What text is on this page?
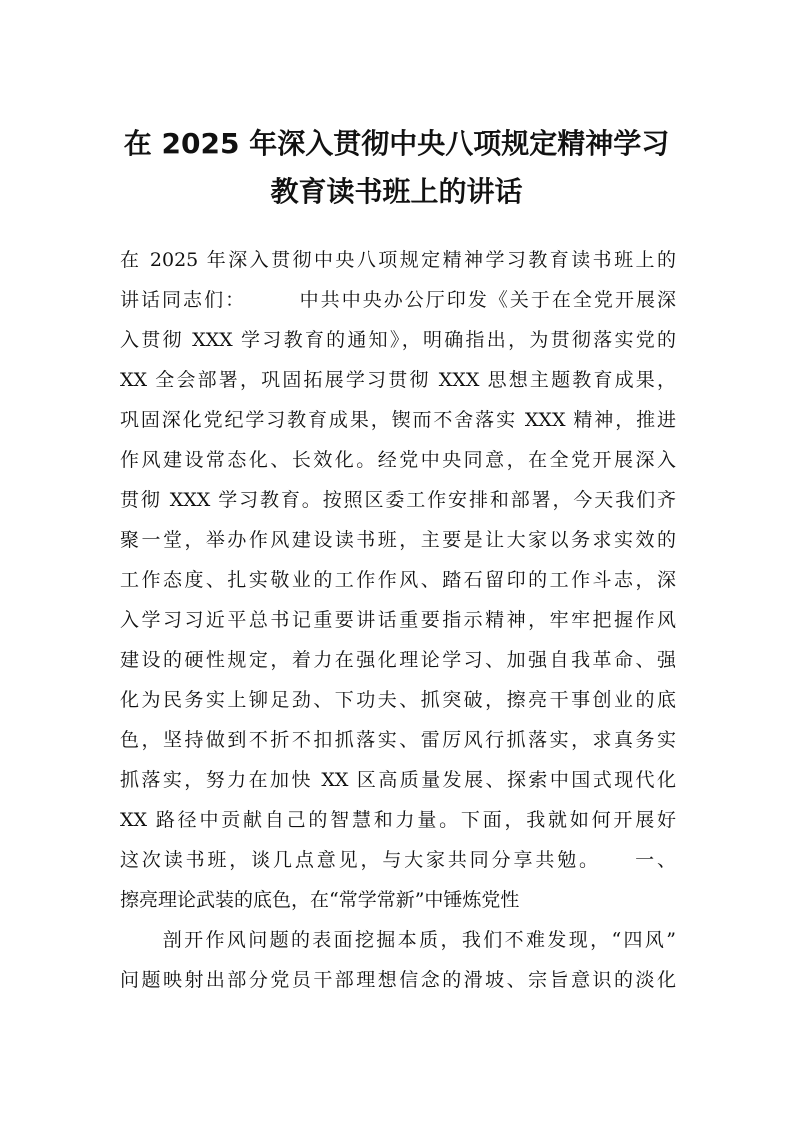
在 2025 年深入贯彻中央八项规定精神学习
教育读书班上的讲话
在 2025 年深入贯彻中央八项规定精神学习教育读书班上的
讲话同志们：　　　中共中央办公厅印发《关于在全党开展深
入贯彻 XXX 学习教育的通知》，明确指出，为贯彻落实党的
XX 全会部署，巩固拓展学习贯彻 XXX 思想主题教育成果，
巩固深化党纪学习教育成果，锲而不舍落实 XXX 精神，推进
作风建设常态化、长效化。经党中央同意，在全党开展深入
贯彻 XXX 学习教育。按照区委工作安排和部署，今天我们齐
聚一堂，举办作风建设读书班，主要是让大家以务求实效的
工作态度、扎实敬业的工作作风、踏石留印的工作斗志，深
入学习习近平总书记重要讲话重要指示精神，牢牢把握作风
建设的硬性规定，着力在强化理论学习、加强自我革命、强
化为民务实上铆足劲、下功夫、抓突破，擦亮干事创业的底
色，坚持做到不折不扣抓落实、雷厉风行抓落实，求真务实
抓落实，努力在加快 XX 区高质量发展、探索中国式现代化
XX 路径中贡献自己的智慧和力量。下面，我就如何开展好
这次读书班，谈几点意见，与大家共同分享共勉。　　一、
擦亮理论武装的底色，在“常学常新”中锤炼党性
　　剖开作风问题的表面挖掘本质，我们不难发现，“四风”
问题映射出部分党员干部理想信念的滑坡、宗旨意识的淡化
